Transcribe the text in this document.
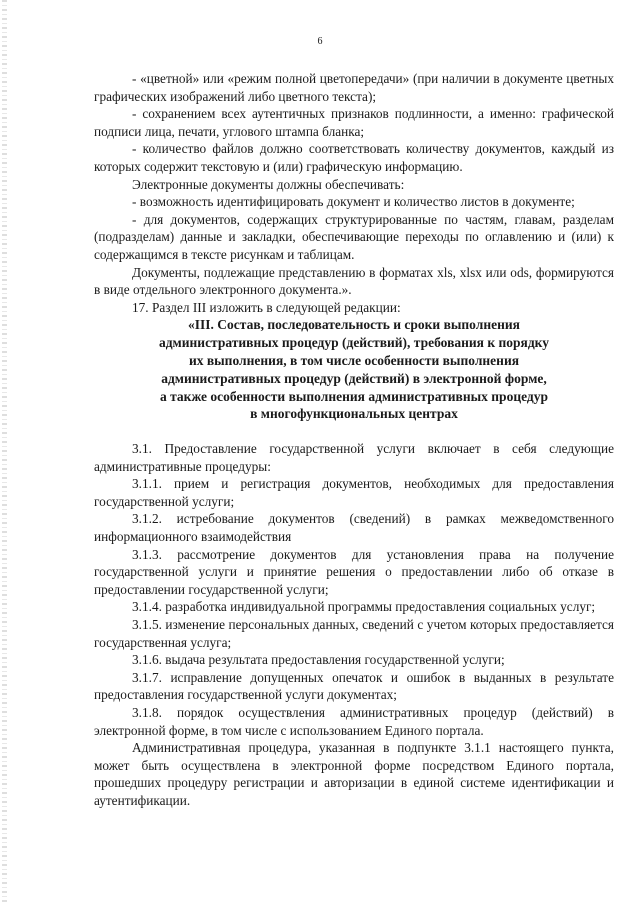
6

- «цветной» или «режим полной цветопередачи» (при наличии в документе цветных графических изображений либо цветного текста);

- сохранением всех аутентичных признаков подлинности, а именно: графической подписи лица, печати, углового штампа бланка;

- количество файлов должно соответствовать количеству документов, каждый из которых содержит текстовую и (или) графическую информацию.

Электронные документы должны обеспечивать:

- возможность идентифицировать документ и количество листов в документе;

- для документов, содержащих структурированные по частям, главам, разделам (подразделам) данные и закладки, обеспечивающие переходы по оглавлению и (или) к содержащимся в тексте рисункам и таблицам.

Документы, подлежащие представлению в форматах xls, xlsx или ods, формируются в виде отдельного электронного документа.».

17. Раздел III изложить в следующей редакции:

«III. Состав, последовательность и сроки выполнения

административных процедур (действий), требования к порядку

их выполнения, в том числе особенности выполнения

административных процедур (действий) в электронной форме,

а также особенности выполнения административных процедур

в многофункциональных центрах

3.1. Предоставление государственной услуги включает в себя следующие административные процедуры:

3.1.1. прием и регистрация документов, необходимых для предоставления государственной услуги;

3.1.2. истребование документов (сведений) в рамках межведомственного информационного взаимодействия

3.1.3. рассмотрение документов для установления права на получение государственной услуги и принятие решения о предоставлении либо об отказе в предоставлении государственной услуги;

3.1.4. разработка индивидуальной программы предоставления социальных услуг;

3.1.5. изменение персональных данных, сведений с учетом которых предоставляется государственная услуга;

3.1.6. выдача результата предоставления государственной услуги;

3.1.7. исправление допущенных опечаток и ошибок в выданных в результате предоставления государственной услуги документах;

3.1.8. порядок осуществления административных процедур (действий) в электронной форме, в том числе с использованием Единого портала.

Административная процедура, указанная в подпункте 3.1.1 настоящего пункта, может быть осуществлена в электронной форме посредством Единого портала, прошедших процедуру регистрации и авторизации в единой системе идентификации и аутентификации.
